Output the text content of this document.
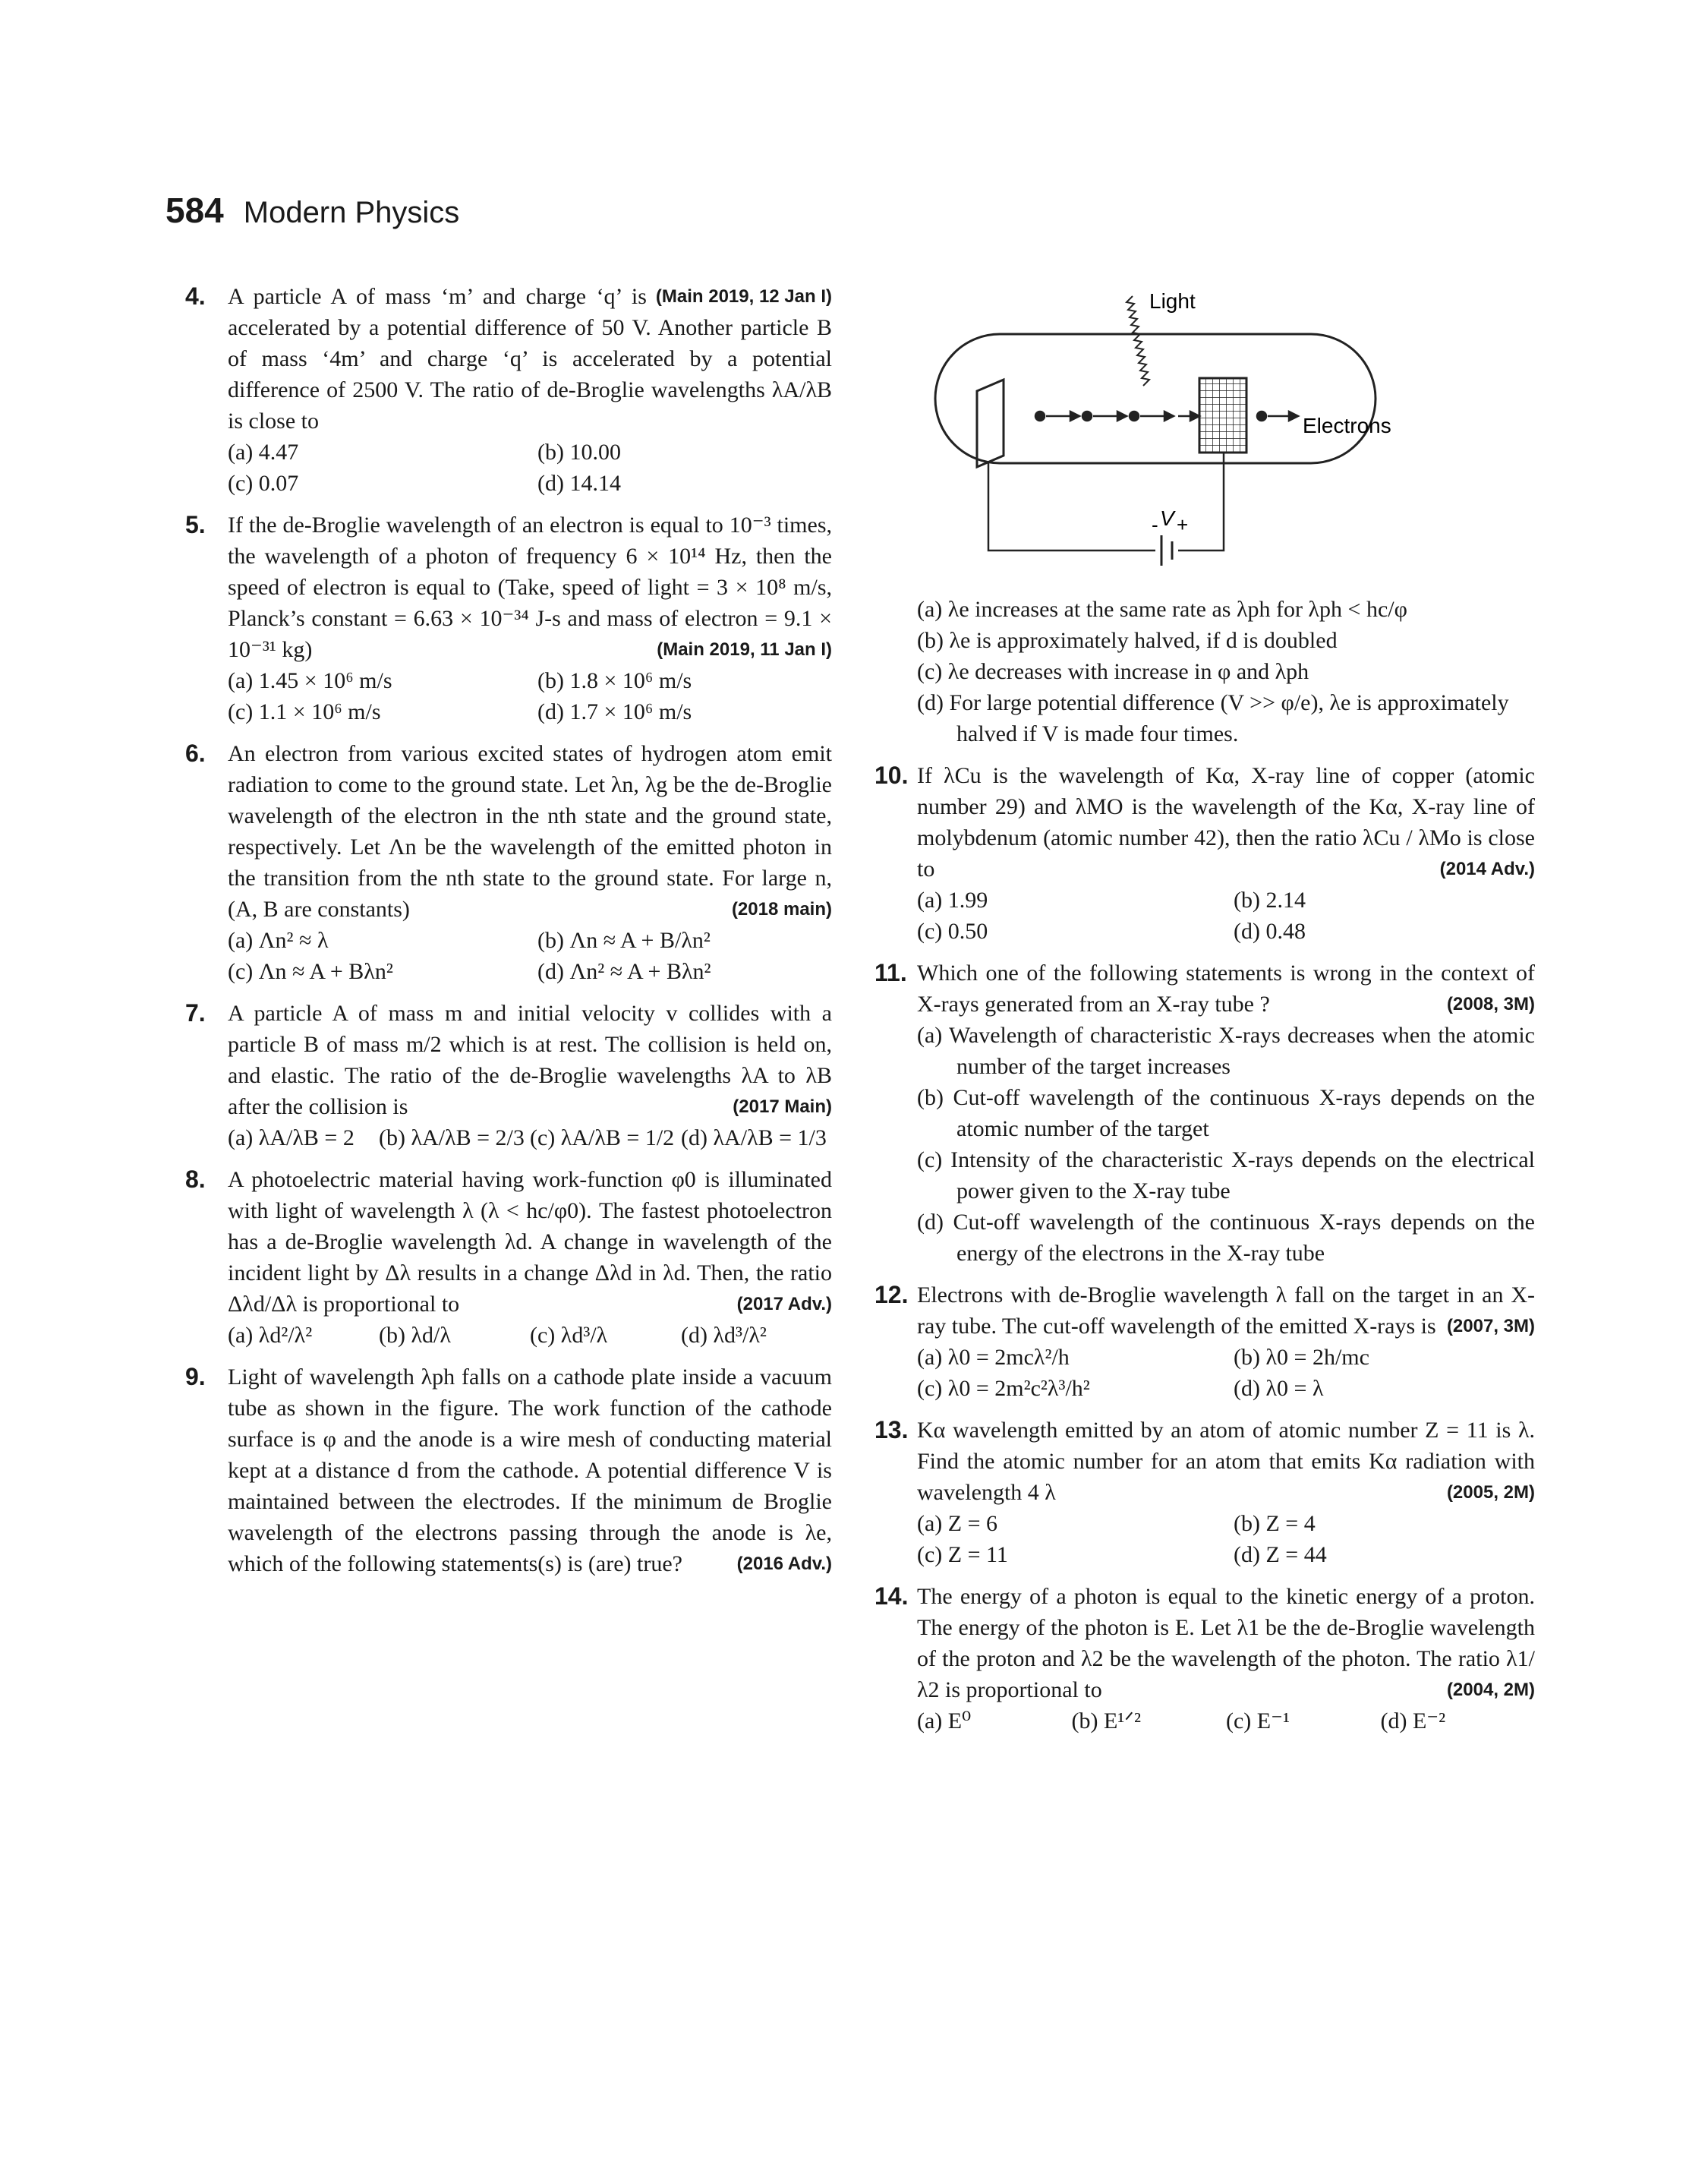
584 Modern Physics
4.	(Main 2019, 12 Jan I)
A particle A of mass ‘m’ and charge ‘q’ is accelerated by a potential difference of 50 V. Another particle B of mass ‘4m’ and charge ‘q’ is accelerated by a potential difference of 2500 V. The ratio of de-Broglie wavelengths λA/λB is close to
(a) 4.47	(b) 10.00
(c) 0.07	(d) 14.14
5. If the de-Broglie wavelength of an electron is equal to 10⁻³ times, the wavelength of a photon of frequency 6 × 10¹⁴ Hz, then the speed of electron is equal to (Take, speed of light = 3 × 10⁸ m/s, Planck’s constant = 6.63 × 10⁻³⁴ J-s and mass of electron = 9.1 × 10⁻³¹ kg)	(Main 2019, 11 Jan I)
(a) 1.45 × 10⁶ m/s	(b) 1.8 × 10⁶ m/s
(c) 1.1 × 10⁶ m/s	(d) 1.7 × 10⁶ m/s
6. An electron from various excited states of hydrogen atom emit radiation to come to the ground state. Let λn, λg be the de-Broglie wavelength of the electron in the nth state and the ground state, respectively. Let Λn be the wavelength of the emitted photon in the transition from the nth state to the ground state. For large n, (A, B are constants)	(2018 main)
(a) Λn² ≈ λ	(b) Λn ≈ A + B/λn²
(c) Λn ≈ A + Bλn²	(d) Λn² ≈ A + Bλn²
7. A particle A of mass m and initial velocity v collides with a particle B of mass m/2 which is at rest. The collision is held on, and elastic. The ratio of the de-Broglie wavelengths λA to λB after the collision is	(2017 Main)
(a) λA/λB = 2	(b) λA/λB = 2/3 (c) λA/λB = 1/2 (d) λA/λB = 1/3
8. A photoelectric material having work-function φ0 is illuminated with light of wavelength λ (λ < hc/φ0). The fastest photoelectron has a de-Broglie wavelength λd. A change in wavelength of the incident light by Δλ results in a change Δλd in λd. Then, the ratio Δλd/Δλ is proportional to	(2017 Adv.)
(a) λd²/λ²	(b) λd/λ	(c) λd³/λ	(d) λd³/λ²
9. Light of wavelength λph falls on a cathode plate inside a vacuum tube as shown in the figure. The work function of the cathode surface is φ and the anode is a wire mesh of conducting material kept at a distance d from the cathode. A potential difference V is maintained between the electrodes. If the minimum de Broglie wavelength of the electrons passing through the anode is λe, which of the following statements(s) is (are) true?	(2016 Adv.)
- V +
Light
Electrons
(a) λe increases at the same rate as λph for λph < hc/φ
(b) λe is approximately halved, if d is doubled
(c) λe decreases with increase in φ and λph
(d) For large potential difference (V >> φ/e), λe is approximately halved if V is made four times.
10. If λCu is the wavelength of Kα, X-ray line of copper (atomic number 29) and λMO is the wavelength of the Kα, X-ray line of molybdenum (atomic number 42), then the ratio λCu / λMo is close to	(2014 Adv.)
(a) 1.99	(b) 2.14
(c) 0.50	(d) 0.48
11. Which one of the following statements is wrong in the context of X-rays generated from an X-ray tube ?	(2008, 3M)
(a) Wavelength of characteristic X-rays decreases when the atomic number of the target increases
(b) Cut-off wavelength of the continuous X-rays depends on the atomic number of the target
(c) Intensity of the characteristic X-rays depends on the electrical power given to the X-ray tube
(d) Cut-off wavelength of the continuous X-rays depends on the energy of the electrons in the X-ray tube
12. Electrons with de-Broglie wavelength λ fall on the target in an X-ray tube. The cut-off wavelength of the emitted X-rays is (2007, 3M)
(a) λ0 = 2mcλ²/h	(b) λ0 = 2h/mc
(c) λ0 = 2m²c²λ³/h²	(d) λ0 = λ
13. Kα wavelength emitted by an atom of atomic number Z = 11 is λ. Find the atomic number for an atom that emits Kα radiation with wavelength 4 λ	(2005, 2M)
(a) Z = 6	(b) Z = 4
(c) Z = 11	(d) Z = 44
14. The energy of a photon is equal to the kinetic energy of a proton. The energy of the photon is E. Let λ1 be the de-Broglie wavelength of the proton and λ2 be the wavelength of the photon. The ratio λ1/λ2 is proportional to	(2004, 2M)
(a) E⁰	(b) E¹ᐟ²	(c) E⁻¹	(d) E⁻²
